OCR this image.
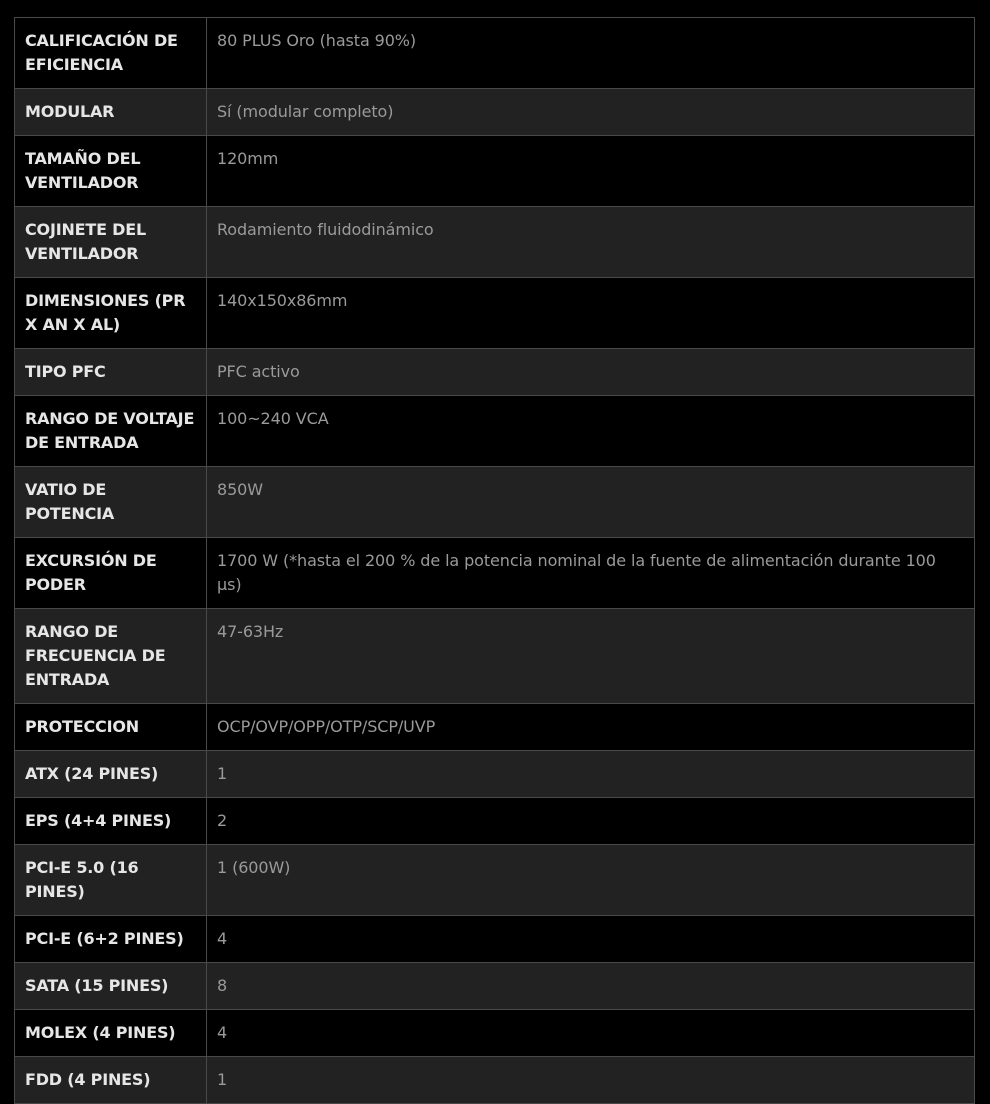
CALIFICACIÓN DE EFICIENCIA	80 PLUS Oro (hasta 90%)
MODULAR	Sí (modular completo)
TAMAÑO DEL VENTILADOR	120mm
COJINETE DEL VENTILADOR	Rodamiento fluidodinámico
DIMENSIONES (PR X AN X AL)	140x150x86mm
TIPO PFC	PFC activo
RANGO DE VOLTAJE DE ENTRADA	100~240 VCA
VATIO DE POTENCIA	850W
EXCURSIÓN DE PODER	1700 W (*hasta el 200 % de la potencia nominal de la fuente de alimentación durante 100 µs)
RANGO DE FRECUENCIA DE ENTRADA	47-63Hz
PROTECCION	OCP/OVP/OPP/OTP/SCP/UVP
ATX (24 PINES)	1
EPS (4+4 PINES)	2
PCI-E 5.0 (16 PINES)	1 (600W)
PCI-E (6+2 PINES)	4
SATA (15 PINES)	8
MOLEX (4 PINES)	4
FDD (4 PINES)	1
